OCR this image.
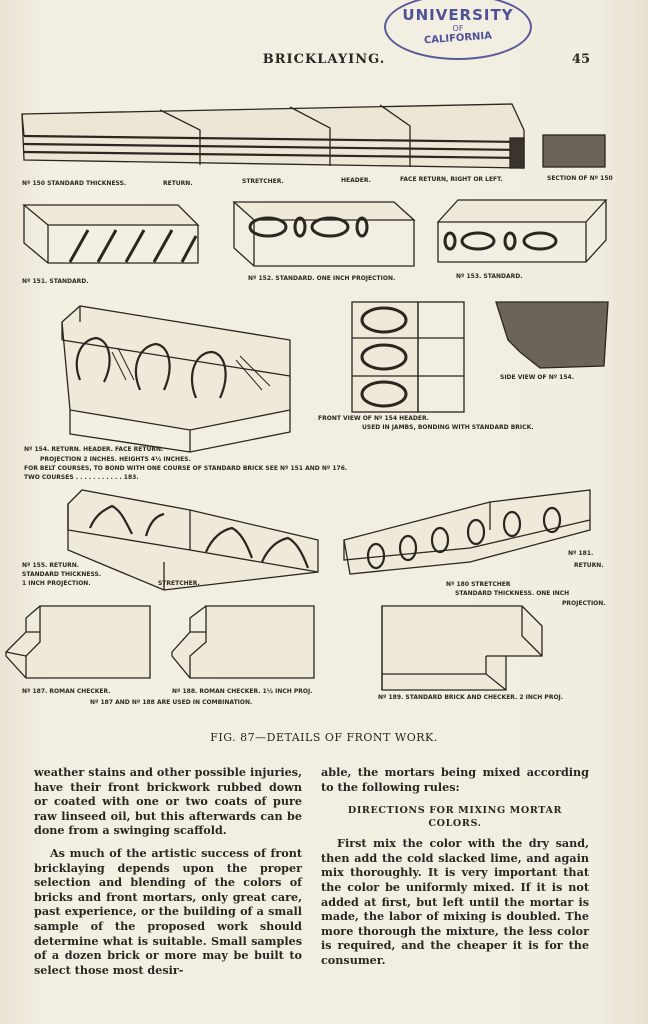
UNIVERSITY
OF
CALIFORNIA
BRICKLAYING.	45
Nº 150 STANDARD THICKNESS.	RETURN.	STRETCHER.	HEADER.	FACE RETURN, RIGHT OR LEFT.	SECTION OF Nº 150
Nº 151. STANDARD.	Nº 152. STANDARD. ONE INCH PROJECTION.	Nº 153. STANDARD.
SIDE VIEW OF Nº 154.
FRONT VIEW OF Nº 154 HEADER.
USED IN JAMBS, BONDING WITH STANDARD BRICK.
Nº 154. RETURN. HEADER. FACE RETURN.
PROJECTION 2 INCHES. HEIGHTS 4½ INCHES.
FOR BELT COURSES, TO BOND WITH ONE COURSE OF STANDARD BRICK SEE Nº 151 AND Nº 176.
TWO COURSES . . . . . . . . . . . 183.
Nº 155. RETURN.
STANDARD THICKNESS.
1 INCH PROJECTION.	STRETCHER.
Nº 181.
RETURN.
Nº 180 STRETCHER
STANDARD THICKNESS. ONE INCH
PROJECTION.
Nº 187. ROMAN CHECKER.	Nº 188. ROMAN CHECKER. 1½ INCH PROJ.
Nº 187 AND Nº 188 ARE USED IN COMBINATION.
Nº 189. STANDARD BRICK AND CHECKER. 2 INCH PROJ.
FIG. 87—DETAILS OF FRONT WORK.

weather stains and other possible injuries, have their front brickwork rubbed down or coated with one or two coats of pure raw linseed oil, but this afterwards can be done from a swinging scaffold.

As much of the artistic success of front bricklaying depends upon the proper selection and blending of the colors of bricks and front mortars, only great care, past experience, or the building of a small sample of the proposed work should determine what is suitable. Small samples of a dozen brick or more may be built to select those most desir-

able, the mortars being mixed according to the following rules:

DIRECTIONS FOR MIXING MORTAR COLORS.

First mix the color with the dry sand, then add the cold slacked lime, and again mix thoroughly. It is very important that the color be uniformly mixed. If it is not added at first, but left until the mortar is made, the labor of mixing is doubled. The more thorough the mixture, the less color is required, and the cheaper it is for the consumer.
